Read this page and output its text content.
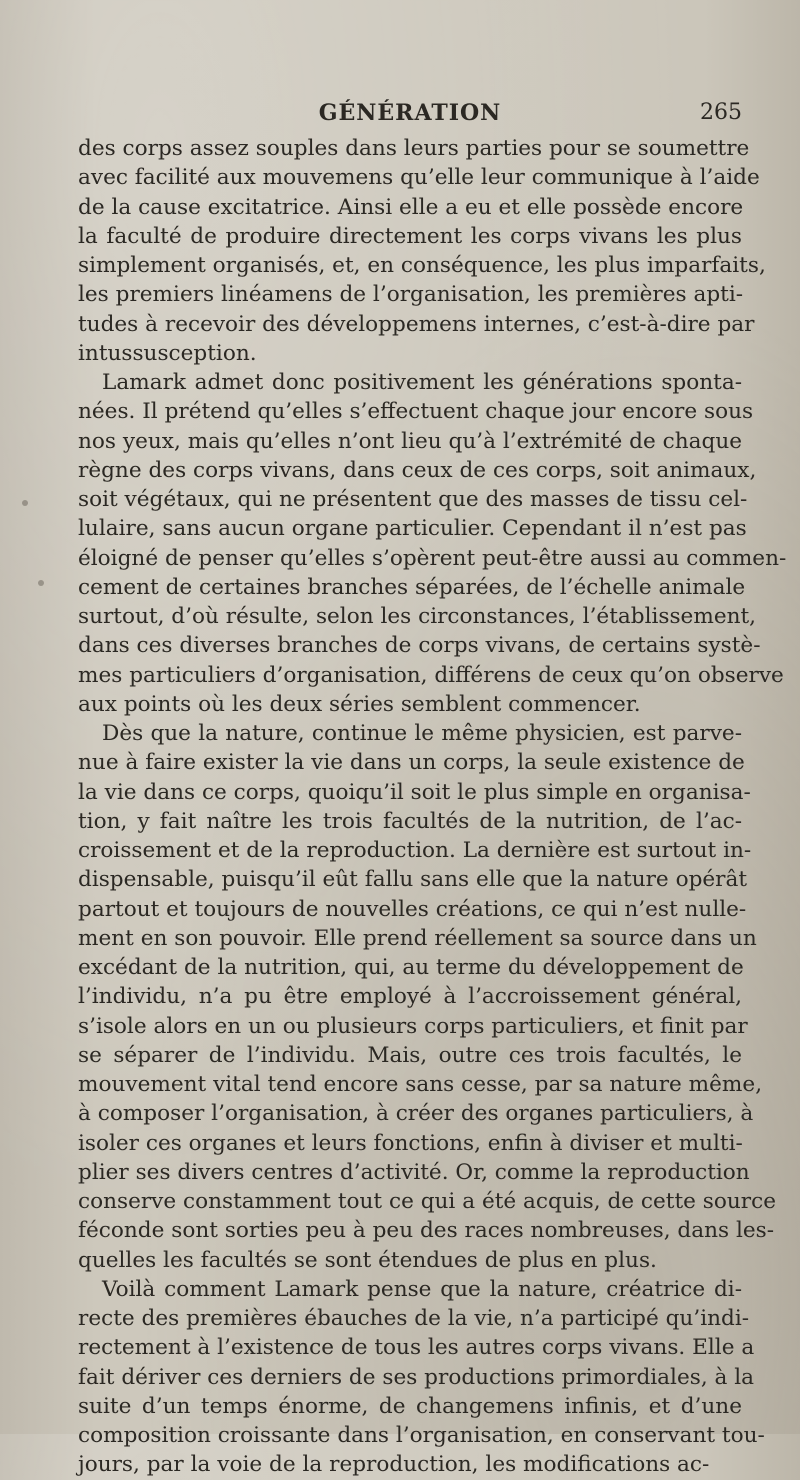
GÉNÉRATION	265
des corps assez souples dans leurs parties pour se soumettre
avec facilité aux mouvemens qu’elle leur communique à l’aide
de la cause excitatrice. Ainsi elle a eu et elle possède encore
la faculté de produire directement les corps vivans les plus
simplement organisés, et, en conséquence, les plus imparfaits,
les premiers linéamens de l’organisation, les premières apti-
tudes à recevoir des développemens internes, c’est-à-dire par
intussusception.
Lamark admet donc positivement les générations sponta-
nées. Il prétend qu’elles s’effectuent chaque jour encore sous
nos yeux, mais qu’elles n’ont lieu qu’à l’extrémité de chaque
règne des corps vivans, dans ceux de ces corps, soit animaux,
soit végétaux, qui ne présentent que des masses de tissu cel-
lulaire, sans aucun organe particulier. Cependant il n’est pas
éloigné de penser qu’elles s’opèrent peut-être aussi au commen-
cement de certaines branches séparées, de l’échelle animale
surtout, d’où résulte, selon les circonstances, l’établissement,
dans ces diverses branches de corps vivans, de certains systè-
mes particuliers d’organisation, différens de ceux qu’on observe
aux points où les deux séries semblent commencer.
Dès que la nature, continue le même physicien, est parve-
nue à faire exister la vie dans un corps, la seule existence de
la vie dans ce corps, quoiqu’il soit le plus simple en organisa-
tion, y fait naître les trois facultés de la nutrition, de l’ac-
croissement et de la reproduction. La dernière est surtout in-
dispensable, puisqu’il eût fallu sans elle que la nature opérât
partout et toujours de nouvelles créations, ce qui n’est nulle-
ment en son pouvoir. Elle prend réellement sa source dans un
excédant de la nutrition, qui, au terme du développement de
l’individu, n’a pu être employé à l’accroissement général,
s’isole alors en un ou plusieurs corps particuliers, et finit par
se séparer de l’individu. Mais, outre ces trois facultés, le
mouvement vital tend encore sans cesse, par sa nature même,
à composer l’organisation, à créer des organes particuliers, à
isoler ces organes et leurs fonctions, enfin à diviser et multi-
plier ses divers centres d’activité. Or, comme la reproduction
conserve constamment tout ce qui a été acquis, de cette source
féconde sont sorties peu à peu des races nombreuses, dans les-
quelles les facultés se sont étendues de plus en plus.
Voilà comment Lamark pense que la nature, créatrice di-
recte des premières ébauches de la vie, n’a participé qu’indi-
rectement à l’existence de tous les autres corps vivans. Elle a
fait dériver ces derniers de ses productions primordiales, à la
suite d’un temps énorme, de changemens infinis, et d’une
composition croissante dans l’organisation, en conservant tou-
jours, par la voie de la reproduction, les modifications ac-
